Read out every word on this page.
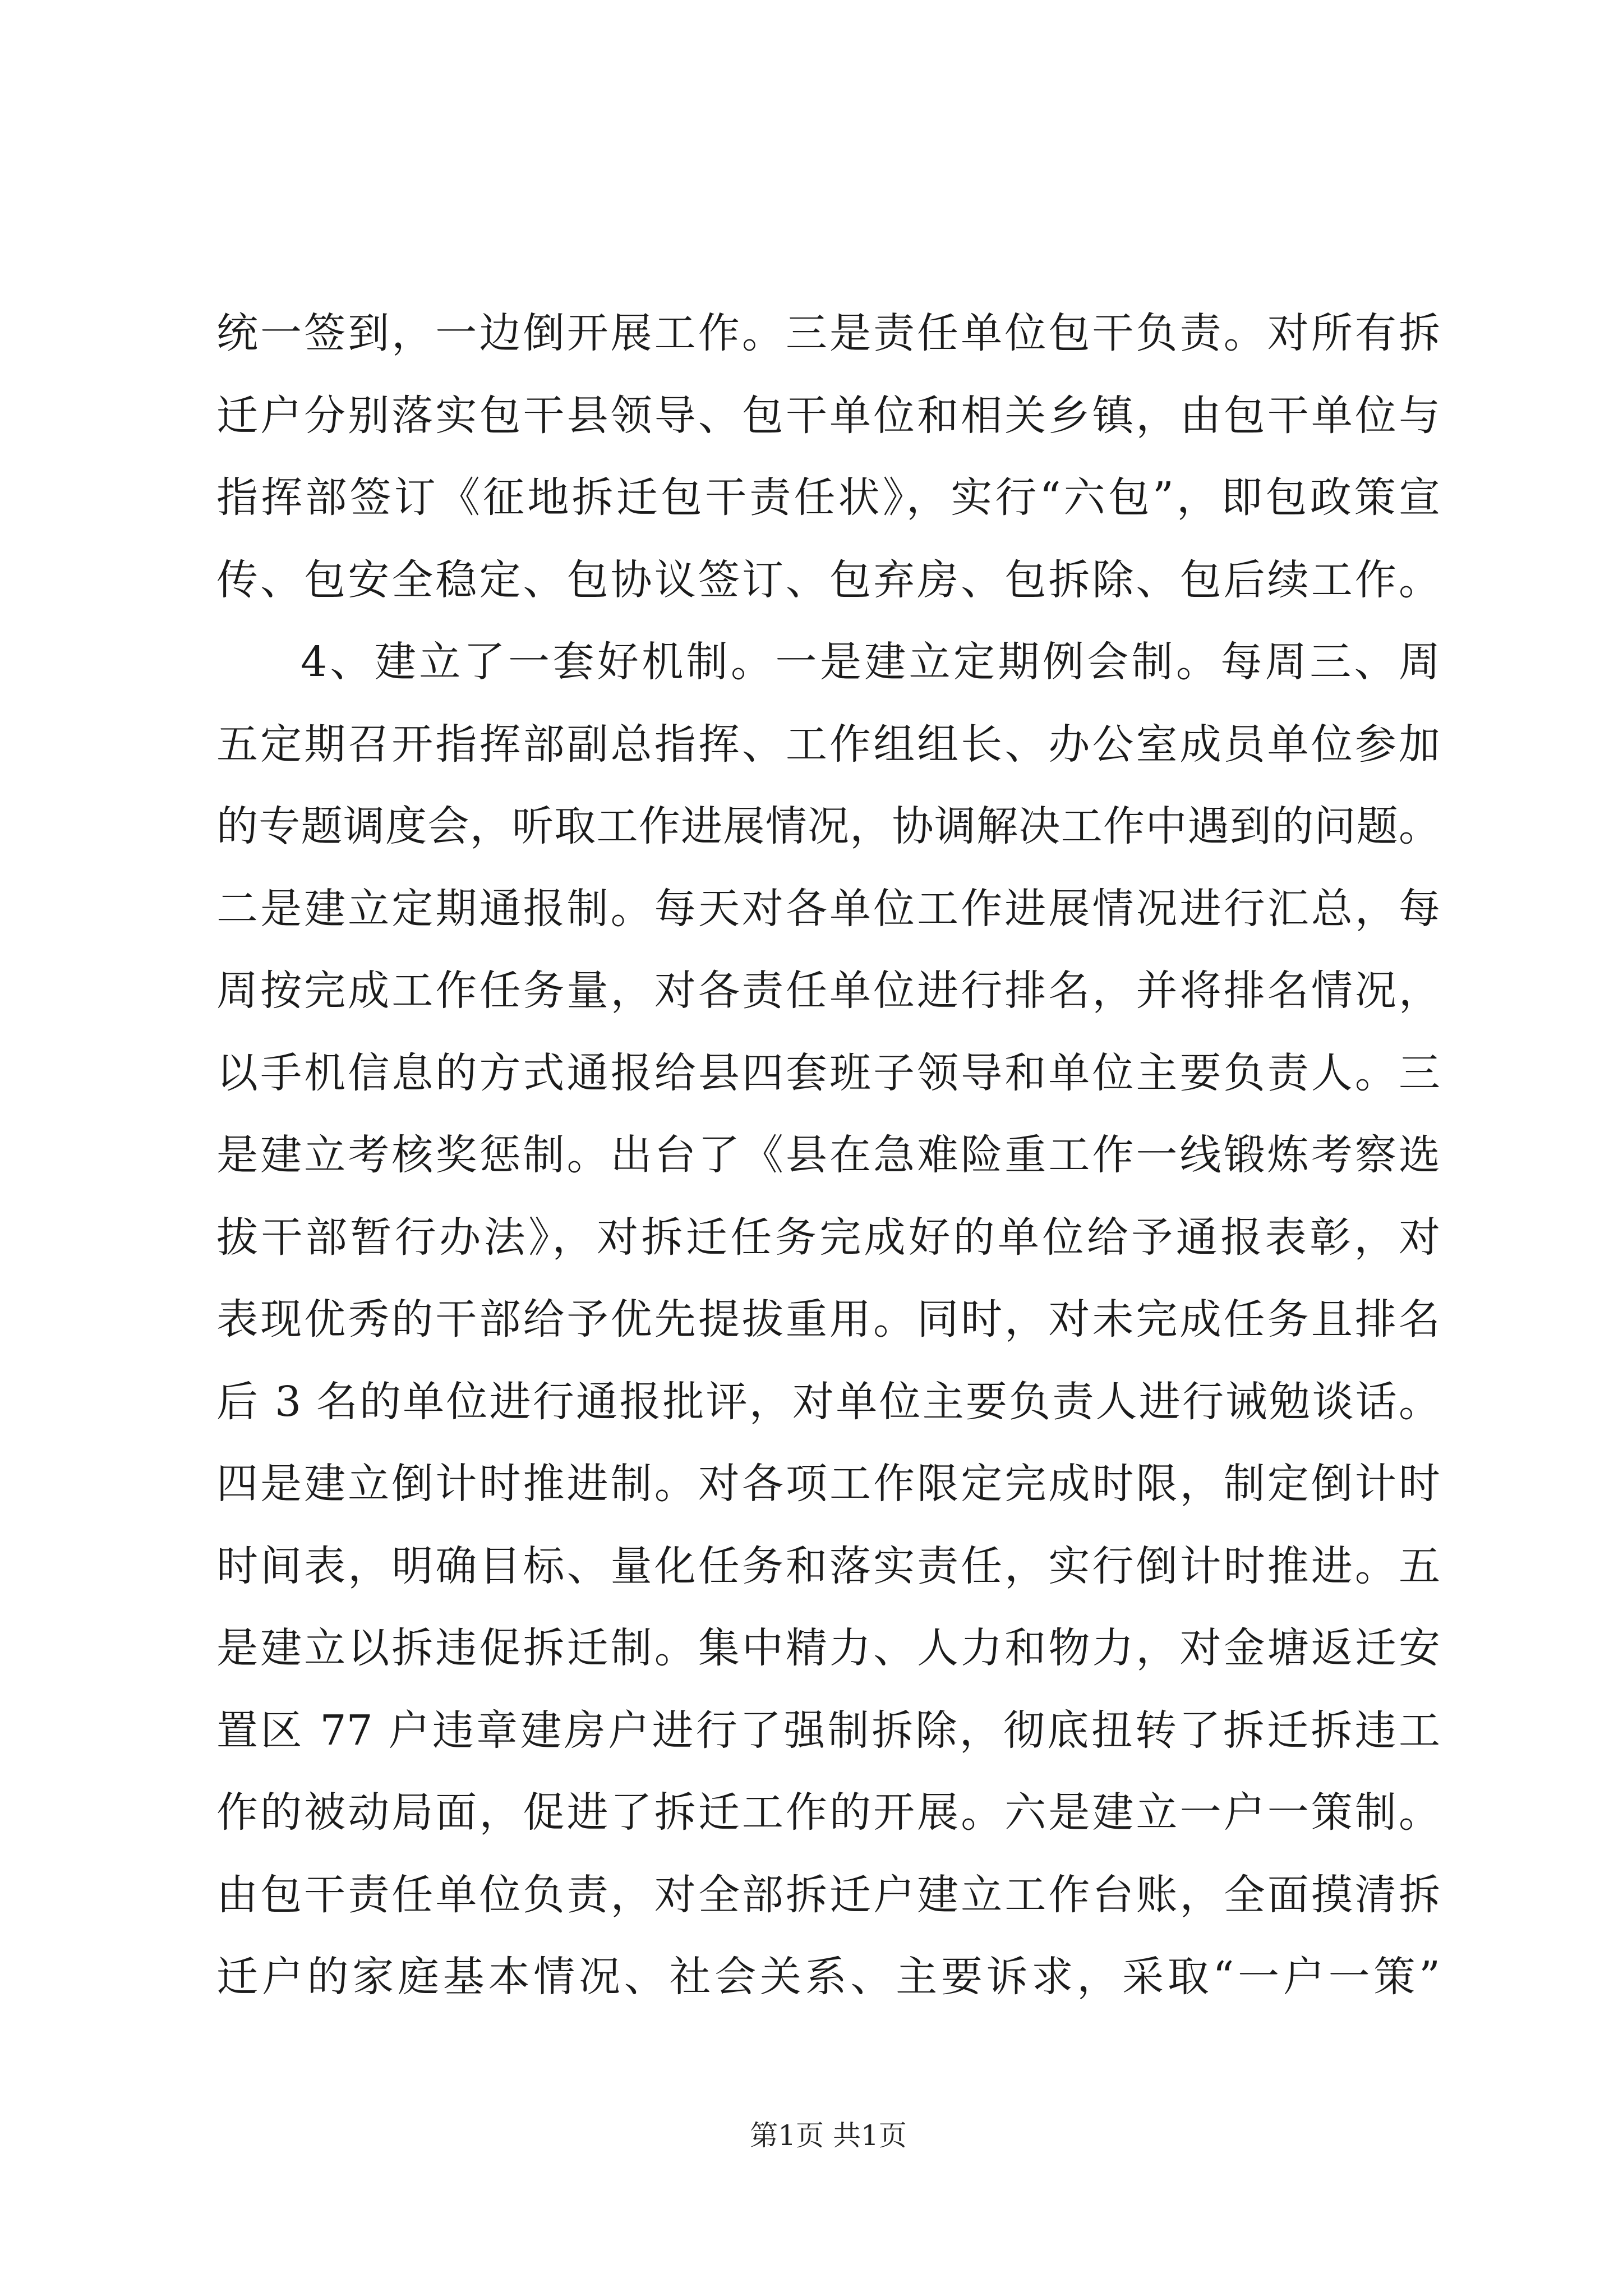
统一签到，一边倒开展工作。三是责任单位包干负责。对所有拆
迁户分别落实包干县领导、包干单位和相关乡镇，由包干单位与
指挥部签订《征地拆迁包干责任状》，实行“六包”，即包政策宣
传、包安全稳定、包协议签订、包弃房、包拆除、包后续工作。
4、建立了一套好机制。一是建立定期例会制。每周三、周
五定期召开指挥部副总指挥、工作组组长、办公室成员单位参加
的专题调度会，听取工作进展情况，协调解决工作中遇到的问题。
二是建立定期通报制。每天对各单位工作进展情况进行汇总，每
周按完成工作任务量，对各责任单位进行排名，并将排名情况，
以手机信息的方式通报给县四套班子领导和单位主要负责人。三
是建立考核奖惩制。出台了《县在急难险重工作一线锻炼考察选
拔干部暂行办法》，对拆迁任务完成好的单位给予通报表彰，对
表现优秀的干部给予优先提拔重用。同时，对未完成任务且排名
后 3 名的单位进行通报批评，对单位主要负责人进行诫勉谈话。
四是建立倒计时推进制。对各项工作限定完成时限，制定倒计时
时间表，明确目标、量化任务和落实责任，实行倒计时推进。五
是建立以拆违促拆迁制。集中精力、人力和物力，对金塘返迁安
置区 77 户违章建房户进行了强制拆除，彻底扭转了拆迁拆违工
作的被动局面，促进了拆迁工作的开展。六是建立一户一策制。
由包干责任单位负责，对全部拆迁户建立工作台账，全面摸清拆
迁户的家庭基本情况、社会关系、主要诉求，采取“一户一策”
第1页 共1页
